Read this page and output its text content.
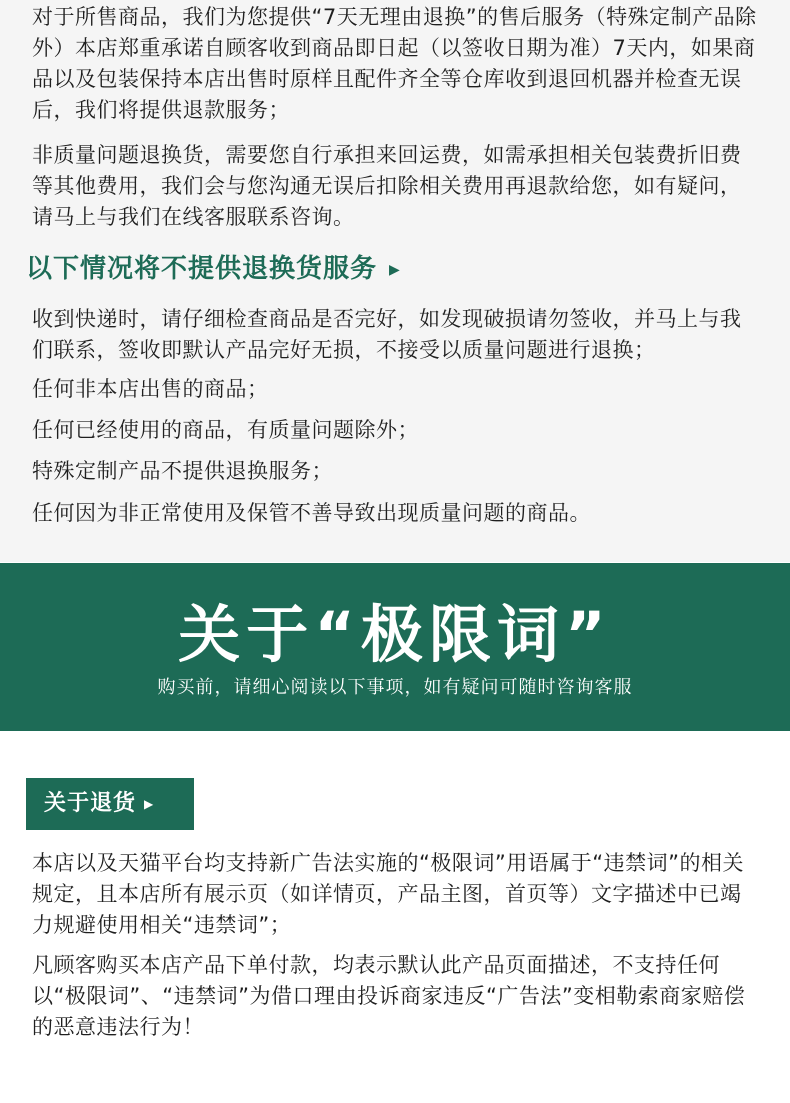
对于所售商品，我们为您提供“7天无理由退换”的售后服务（特殊定制产品除外）本店郑重承诺自顾客收到商品即日起（以签收日期为准）7天内，如果商品以及包装保持本店出售时原样且配件齐全等仓库收到退回机器并检查无误后，我们将提供退款服务；

非质量问题退换货，需要您自行承担来回运费，如需承担相关包装费折旧费等其他费用，我们会与您沟通无误后扣除相关费用再退款给您，如有疑问，请马上与我们在线客服联系咨询。

以下情况将不提供退换货服务 ▶
收到快递时，请仔细检查商品是否完好，如发现破损请勿签收，并马上与我们联系，签收即默认产品完好无损，不接受以质量问题进行退换；
任何非本店出售的商品；
任何已经使用的商品，有质量问题除外；
特殊定制产品不提供退换服务；
任何因为非正常使用及保管不善导致出现质量问题的商品。
关于“极限词”
购买前，请细心阅读以下事项，如有疑问可随时咨询客服
关于退货 ▶

本店以及天猫平台均支持新广告法实施的“极限词”用语属于“违禁词”的相关规定，且本店所有展示页（如详情页，产品主图，首页等）文字描述中已竭力规避使用相关“违禁词”；

凡顾客购买本店产品下单付款，均表示默认此产品页面描述，不支持任何以“极限词”、“违禁词”为借口理由投诉商家违反“广告法”变相勒索商家赔偿的恶意违法行为！
